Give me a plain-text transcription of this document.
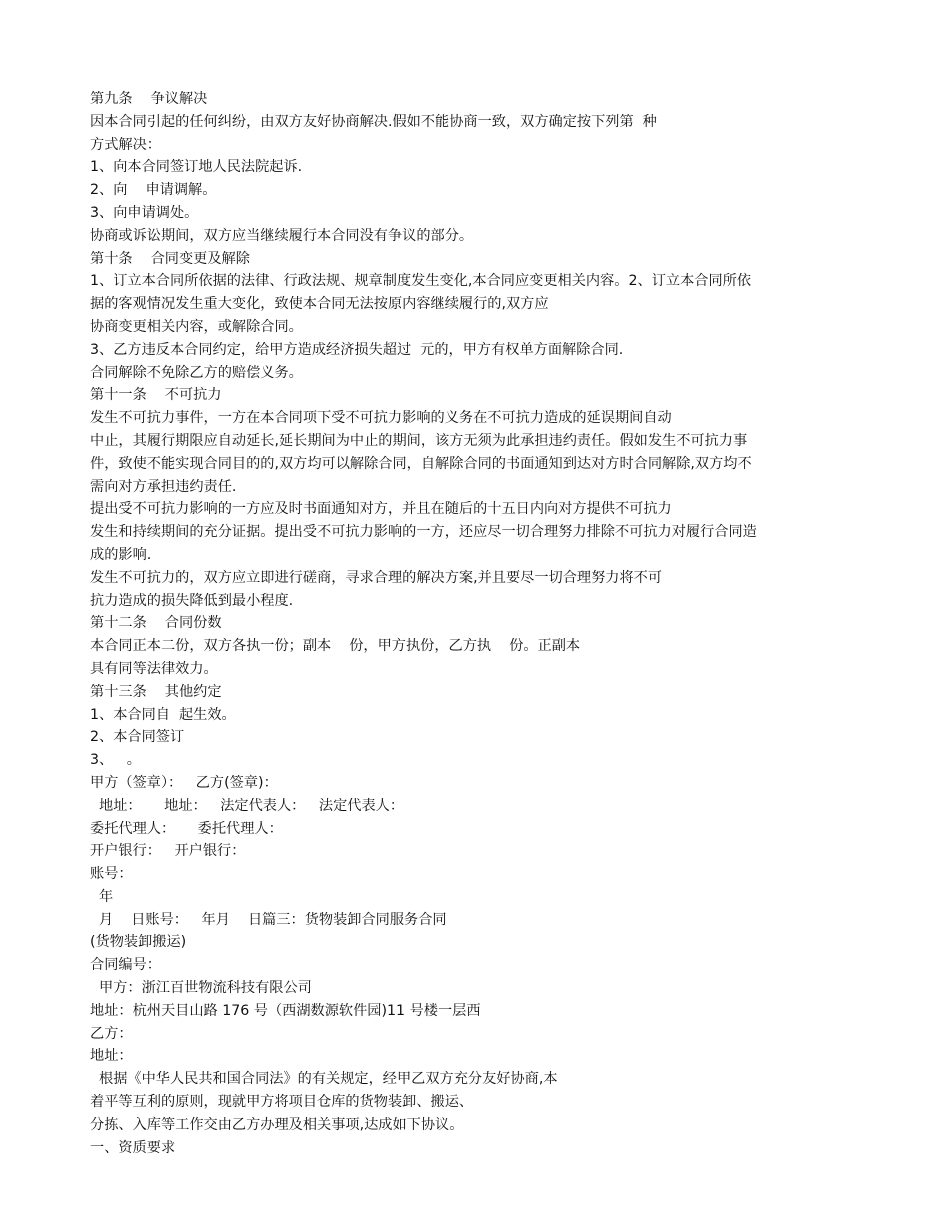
第九条    争议解决

因本合同引起的任何纠纷，由双方友好协商解决.假如不能协商一致，双方确定按下列第  种

方式解决：

1、向本合同签订地人民法院起诉.

2、向    申请调解。

3、向申请调处。

协商或诉讼期间，双方应当继续履行本合同没有争议的部分。

第十条    合同变更及解除

1、订立本合同所依据的法律、行政法规、规章制度发生变化,本合同应变更相关内容。2、订立本合同所依

据的客观情况发生重大变化，致使本合同无法按原内容继续履行的,双方应

协商变更相关内容，或解除合同。

3、乙方违反本合同约定，给甲方造成经济损失超过  元的，甲方有权单方面解除合同.

合同解除不免除乙方的赔偿义务。

第十一条    不可抗力

发生不可抗力事件，一方在本合同项下受不可抗力影响的义务在不可抗力造成的延误期间自动

中止，其履行期限应自动延长,延长期间为中止的期间，该方无须为此承担违约责任。假如发生不可抗力事

件，致使不能实现合同目的的,双方均可以解除合同，自解除合同的书面通知到达对方时合同解除,双方均不

需向对方承担违约责任.

提出受不可抗力影响的一方应及时书面通知对方，并且在随后的十五日内向对方提供不可抗力

发生和持续期间的充分证据。提出受不可抗力影响的一方，还应尽一切合理努力排除不可抗力对履行合同造

成的影响.

发生不可抗力的，双方应立即进行磋商，寻求合理的解决方案,并且要尽一切合理努力将不可

抗力造成的损失降低到最小程度.

第十二条    合同份数

本合同正本二份，双方各执一份；副本    份，甲方执份，乙方执    份。正副本

具有同等法律效力。

第十三条    其他约定

1、本合同自  起生效。

2、本合同签订

3、   。

甲方（签章）：   乙方(签章)：

地址：     地址：   法定代表人：   法定代表人：

委托代理人：     委托代理人：

开户银行：   开户银行：

账号：

年

月    日账号：   年月    日篇三：货物装卸合同服务合同

(货物装卸搬运)

合同编号：

甲方：浙江百世物流科技有限公司

地址：杭州天目山路 176 号（西湖数源软件园)11 号楼一层西

乙方：

地址：

根据《中华人民共和国合同法》的有关规定，经甲乙双方充分友好协商,本

着平等互利的原则，现就甲方将项目仓库的货物装卸、搬运、

分拣、入库等工作交由乙方办理及相关事项,达成如下协议。

一、资质要求
